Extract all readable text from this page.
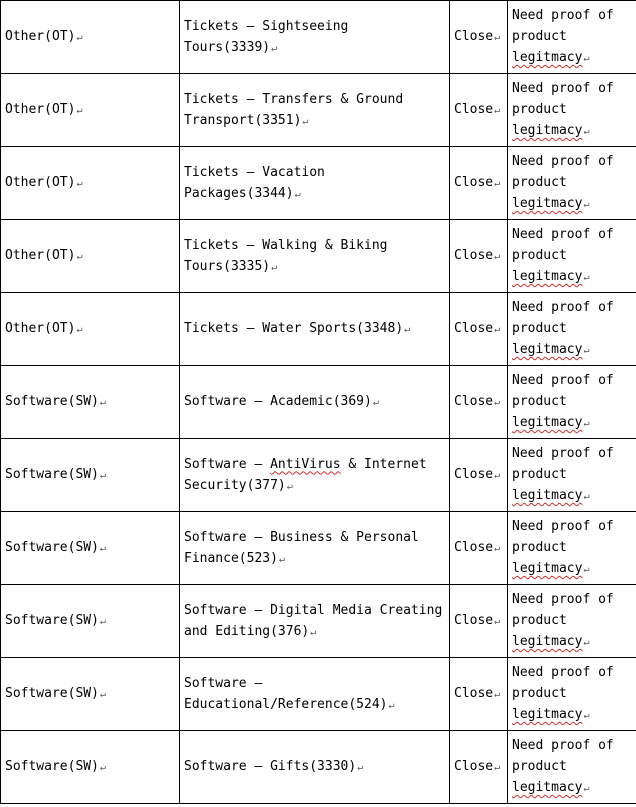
Other(OT)↵	Tickets – Sightseeing Tours(3339)↵	Close↵	Need proof of product legitmacy↵
Other(OT)↵	Tickets – Transfers & Ground Transport(3351)↵	Close↵	Need proof of product legitmacy↵
Other(OT)↵	Tickets – Vacation Packages(3344)↵	Close↵	Need proof of product legitmacy↵
Other(OT)↵	Tickets – Walking & Biking Tours(3335)↵	Close↵	Need proof of product legitmacy↵
Other(OT)↵	Tickets – Water Sports(3348)↵	Close↵	Need proof of product legitmacy↵
Software(SW)↵	Software – Academic(369)↵	Close↵	Need proof of product legitmacy↵
Software(SW)↵	Software – AntiVirus & Internet Security(377)↵	Close↵	Need proof of product legitmacy↵
Software(SW)↵	Software – Business & Personal Finance(523)↵	Close↵	Need proof of product legitmacy↵
Software(SW)↵	Software – Digital Media Creating and Editing(376)↵	Close↵	Need proof of product legitmacy↵
Software(SW)↵	Software – Educational/Reference(524)↵	Close↵	Need proof of product legitmacy↵
Software(SW)↵	Software – Gifts(3330)↵	Close↵	Need proof of product legitmacy↵
